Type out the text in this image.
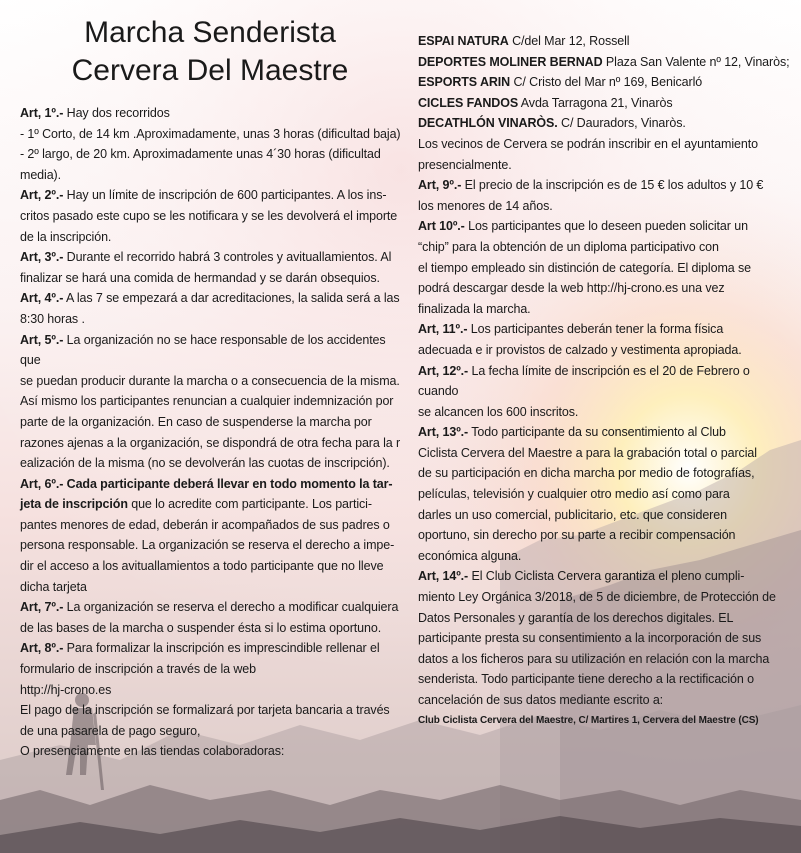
Marcha Senderista
Cervera Del Maestre
Art, 1º.- Hay dos recorridos
- 1º Corto, de 14 km .Aproximadamente, unas 3 horas (dificultad baja)
- 2º largo, de 20 km. Aproximadamente unas 4´30 horas (dificultad
media).
Art, 2º.- Hay un límite de inscripción de 600 participantes. A los ins-
critos pasado este cupo se les notificara y se les devolverá el importe
de la inscripción.
Art, 3º.- Durante el recorrido habrá 3 controles y avituallamientos. Al
finalizar se hará una comida de hermandad y se darán obsequios.
Art, 4º.- A las 7 se empezará a dar acreditaciones, la salida será a las
8:30 horas .
Art, 5º.- La organización no se hace responsable de los accidentes que
se puedan producir durante la marcha o a consecuencia de la misma.
Así mismo los participantes renuncian a cualquier indemnización por
parte de la organización. En caso de suspenderse la marcha por
razones ajenas a la organización, se dispondrá de otra fecha para la r
ealización de la misma (no se devolverán las cuotas de inscripción).
Art, 6º.- Cada participante deberá llevar en todo momento la tar-
jeta de inscripción que lo acredite com participante. Los partici-
pantes menores de edad, deberán ir acompañados de sus padres o
persona responsable. La organización se reserva el derecho a impe-
dir el acceso a los avituallamientos a todo participante que no lleve
dicha tarjeta
Art, 7º.- La organización se reserva el derecho a modificar cualquiera
de las bases de la marcha o suspender ésta si lo estima oportuno.
Art, 8º.- Para formalizar la inscripción es imprescindible rellenar el
formulario de inscripción a través de la web
http://hj-crono.es
El pago de la inscripción se formalizará por tarjeta bancaria a través
de una pasarela de pago seguro,
O presenciamente en las tiendas colaboradoras:
ESPAI NATURA C/del Mar 12, Rossell
DEPORTES MOLINER BERNAD Plaza San Valente nº 12, Vinaròs;
ESPORTS ARIN C/ Cristo del Mar nº 169, Benicarló
CICLES FANDOS Avda Tarragona 21, Vinaròs
DECATHLÓN VINARÒS. C/ Dauradors, Vinaròs.
Los vecinos de Cervera se podrán inscribir en el ayuntamiento
presencialmente.
Art, 9º.- El precio de la inscripción es de 15 € los adultos y 10 €
los menores de 14 años.
Art 10º.- Los participantes que lo deseen pueden solicitar un
“chip” para la obtención de un diploma participativo con
el tiempo empleado sin distinción de categoría. El diploma se
podrá descargar desde la web http://hj-crono.es una vez
finalizada la marcha.
Art, 11º.- Los participantes deberán tener la forma física
adecuada e ir provistos de calzado y vestimenta apropiada.
Art, 12º.- La fecha límite de inscripción es el 20 de Febrero o cuando
se alcancen los 600 inscritos.
Art, 13º.- Todo participante da su consentimiento al Club
Ciclista Cervera del Maestre a para la grabación total o parcial
de su participación en dicha marcha por medio de fotografías,
películas, televisión y cualquier otro medio así como para
darles un uso comercial, publicitario, etc. que consideren
oportuno, sin derecho por su parte a recibir compensación
económica alguna.
Art, 14º.- El Club Ciclista Cervera garantiza el pleno cumpli-
miento Ley Orgánica 3/2018, de 5 de diciembre, de Protección de
Datos Personales y garantía de los derechos digitales. EL
participante presta su consentimiento a la incorporación de sus
datos a los ficheros para su utilización en relación con la marcha
senderista. Todo participante tiene derecho a la rectificación o
cancelación de sus datos mediante escrito a:
Club Ciclista Cervera del Maestre, C/ Martires 1, Cervera del Maestre (CS)
